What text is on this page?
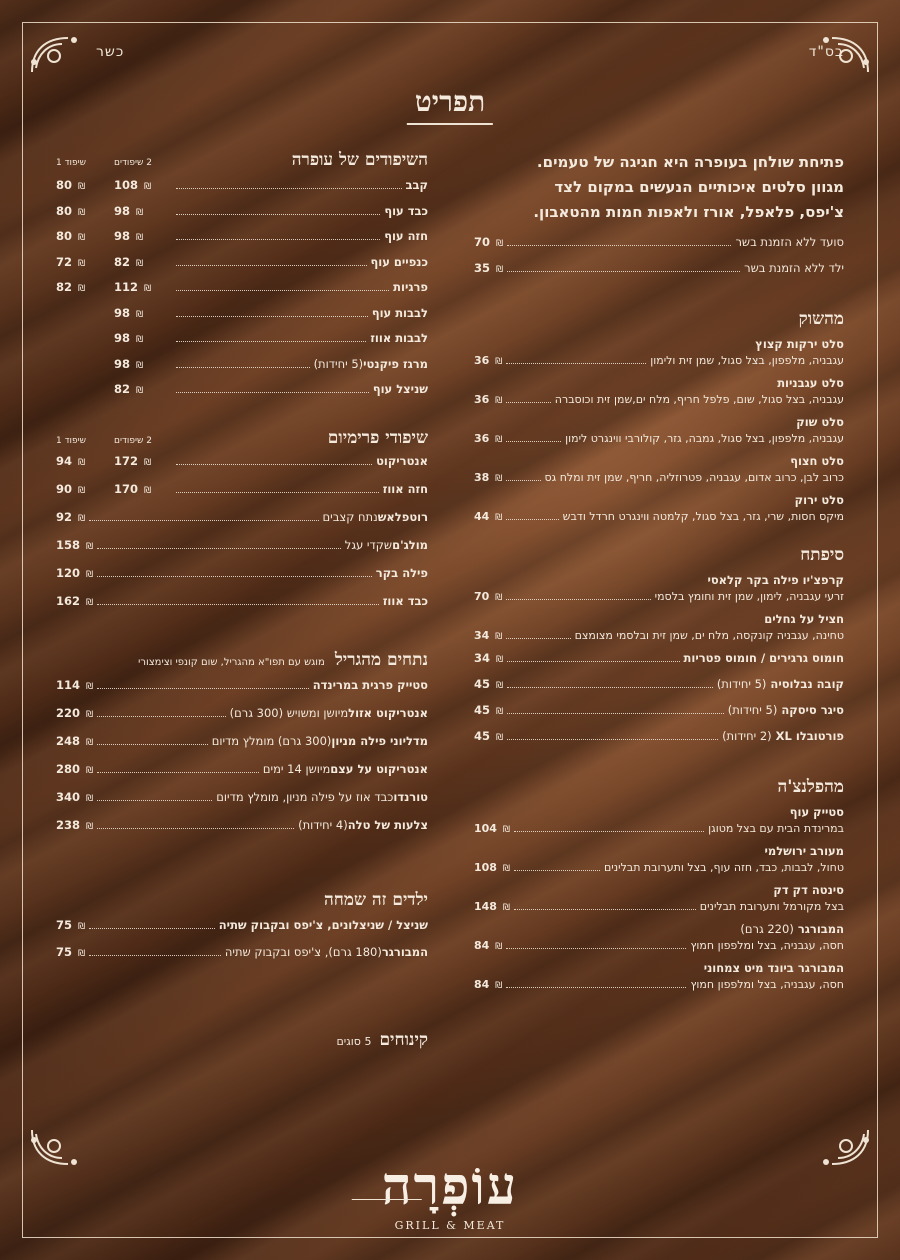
כשר	בס"ד
תפריט
פתיחת שולחן בעופרה היא חגיגה של טעמים.
מגוון סלטים איכותיים הנעשים במקום לצד
צ'יפס, פלאפל, אורז ולאפות חמות מהטאבון.
סועד ללא הזמנת בשר
70 ₪
ילד ללא הזמנת בשר
35 ₪
מהשוק
סלט ירקות קצוץ
עגבניה, מלפפון, בצל סגול, שמן זית ולימון
36 ₪
סלט עגבניות
עגבניה, בצל סגול, שום, פלפל חריף, מלח ים,שמן זית וכוסברה
36 ₪
סלט שוק
עגבניה, מלפפון, בצל סגול, גמבה, גזר, קולורבי ווינגרט לימון
36 ₪
סלט חצוף
כרוב לבן, כרוב אדום, עגבניה, פטרוזליה, חריף, שמן זית ומלח גס
38 ₪
סלט ירוק
מיקס חסות, שרי, גזר, בצל סגול, קלמטה ווינגרט חרדל ודבש
44 ₪
סיפתח
קרפצ'יו פילה בקר קלאסי
זרעי עגבניה, לימון, שמן זית וחומץ בלסמי
70 ₪
חציל על גחלים
טחינה, עגבניה קונקסה, מלח ים, שמן זית ובלסמי מצומצם
34 ₪
חומוס גרגירים / חומוס פטריות
34 ₪
קובה נבלוסיה
(5 יחידות)
45 ₪
סיגר סיסקה
(5 יחידות)
45 ₪
פורטובלו XL
(2 יחידות)
45 ₪
מהפלנצ'ה
סטייק עוף
במרינדת הבית עם בצל מטוגן
104 ₪
מעורב ירושלמי
טחול, לבבות, כבד, חזה עוף, בצל ותערובת תבלינים
108 ₪
סינטה דק דק
בצל מקורמל ותערובת תבלינים
148 ₪
המבורגר (220 גרם)
חסה, עגבניה, בצל ומלפפון חמוץ
84 ₪
המבורגר ביונד מיט צמחוני
חסה, עגבניה, בצל ומלפפון חמוץ
84 ₪
השיפודים של עופרה
2 שיפודים
שיפוד 1
קבב
108 ₪
80 ₪
כבד עוף
98 ₪
80 ₪
חזה עוף
98 ₪
80 ₪
כנפיים עוף
82 ₪
72 ₪
פרגיות
112 ₪
82 ₪
לבבות עוף
98 ₪
לבבות אווז
98 ₪
מרגז פיקנטי
(5 יחידות)
98 ₪
שניצל עוף
82 ₪
שיפודי פרימיום
2 שיפודים
שיפוד 1
אנטריקוט
172 ₪
94 ₪
חזה אווז
170 ₪
90 ₪
רוטפלאש
נתח קצבים
92 ₪
מולג'ם
שקדי עגל
158 ₪
פילה בקר
120 ₪
כבד אווז
162 ₪
נתחים מהגריל
מוגש עם תפו"א מהגריל, שום קונפי וצימצורי
סטייק פרגית במרינדה
114 ₪
אנטריקוט אזול
מיושן ומשויש (300 גרם)
220 ₪
מדליוני פילה מניון
(300 גרם) מומלץ מדיום
248 ₪
אנטריקוט על עצם
מיושן 14 ימים
280 ₪
טורנדו
כבד אוז על פילה מניון, מומלץ מדיום
340 ₪
צלעות של טלה
(4 יחידות)
238 ₪
ילדים זה שמחה
שניצל / שניצלונים, צ'יפס ובקבוק שתיה
75 ₪
המבורגר
(180 גרם), צ'יפס ובקבוק שתיה
75 ₪
קינוחים
5 סוגים
עוֹפְרָה
GRILL & MEAT
